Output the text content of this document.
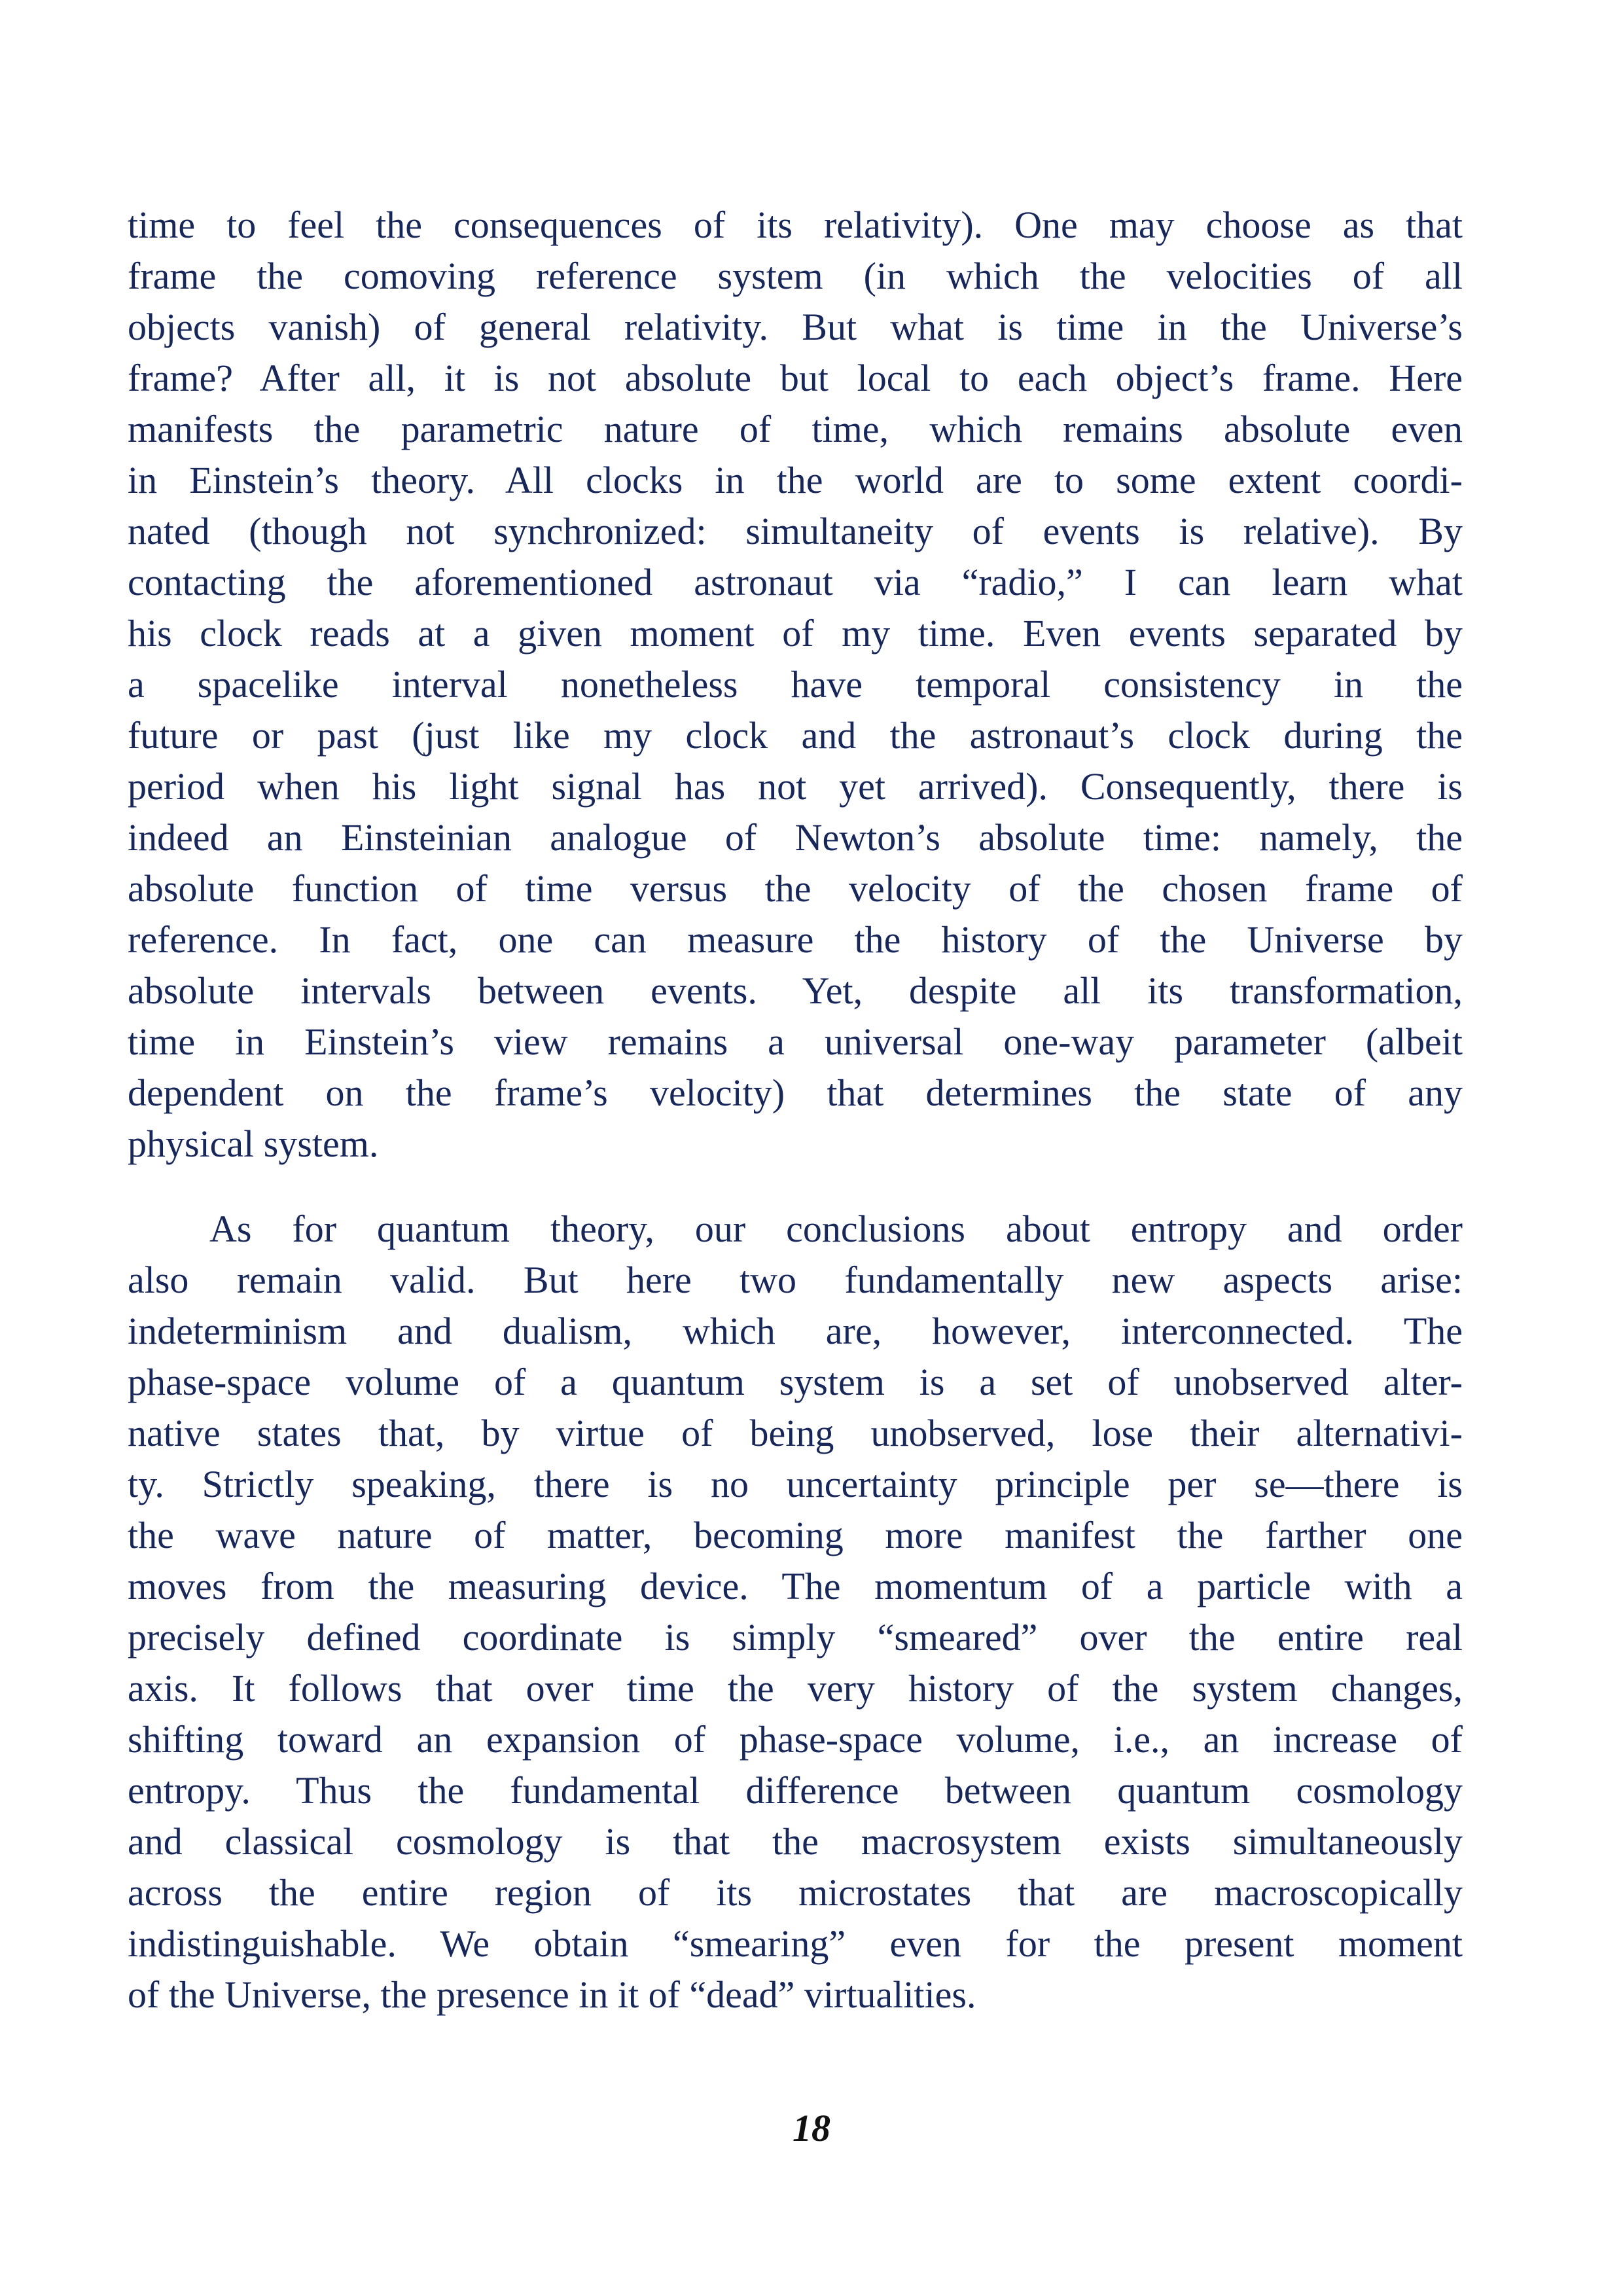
time to feel the consequences of its relativity). One may choose as that
frame the comoving reference system (in which the velocities of all
objects vanish) of general relativity. But what is time in the Universe’s
frame? After all, it is not absolute but local to each object’s frame. Here
manifests the parametric nature of time, which remains absolute even
in Einstein’s theory. All clocks in the world are to some extent coordi-
nated (though not synchronized: simultaneity of events is relative). By
contacting the aforementioned astronaut via “radio,” I can learn what
his clock reads at a given moment of my time. Even events separated by
a spacelike interval nonetheless have temporal consistency in the
future or past (just like my clock and the astronaut’s clock during the
period when his light signal has not yet arrived). Consequently, there is
indeed an Einsteinian analogue of Newton’s absolute time: namely, the
absolute function of time versus the velocity of the chosen frame of
reference. In fact, one can measure the history of the Universe by
absolute intervals between events. Yet, despite all its transformation,
time in Einstein’s view remains a universal one-way parameter (albeit
dependent on the frame’s velocity) that determines the state of any
physical system.
As for quantum theory, our conclusions about entropy and order
also remain valid. But here two fundamentally new aspects arise:
indeterminism and dualism, which are, however, interconnected. The
phase-space volume of a quantum system is a set of unobserved alter-
native states that, by virtue of being unobserved, lose their alternativi-
ty. Strictly speaking, there is no uncertainty principle per se—there is
the wave nature of matter, becoming more manifest the farther one
moves from the measuring device. The momentum of a particle with a
precisely defined coordinate is simply “smeared” over the entire real
axis. It follows that over time the very history of the system changes,
shifting toward an expansion of phase-space volume, i.e., an increase of
entropy. Thus the fundamental difference between quantum cosmology
and classical cosmology is that the macrosystem exists simultaneously
across the entire region of its microstates that are macroscopically
indistinguishable. We obtain “smearing” even for the present moment
of the Universe, the presence in it of “dead” virtualities.
18
